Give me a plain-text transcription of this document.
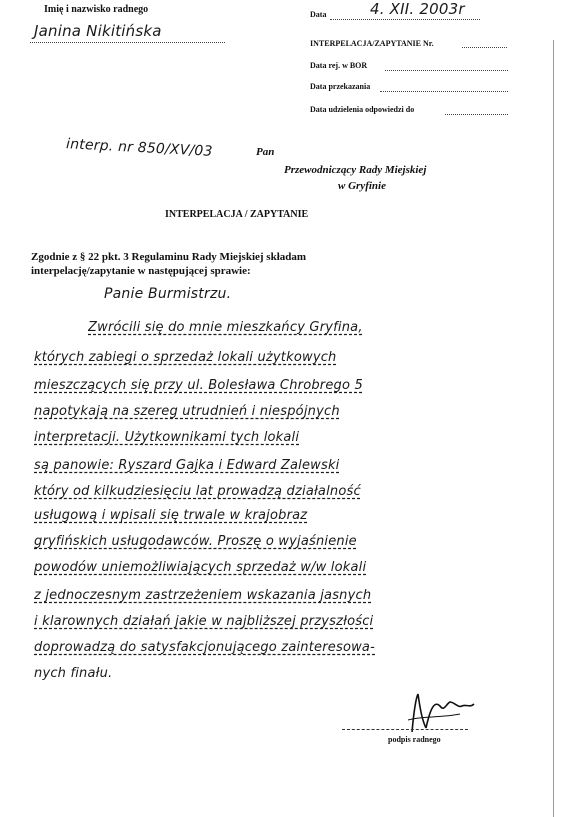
Imię i nazwisko radnego
Janina Nikitińska
Data	4. XII. 2003r
INTERPELACJA/ZAPYTANIE Nr.
Data rej. w BOR
Data przekazania
Data udzielenia odpowiedzi do
interp. nr 850/XV/03	Pan
Przewodniczący Rady Miejskiej
w Gryfinie
INTERPELACJA / ZAPYTANIE
Zgodnie z § 22 pkt. 3 Regulaminu Rady Miejskiej składam
interpelację/zapytanie w następującej sprawie:
Panie Burmistrzu.
Zwrócili się do mnie mieszkańcy Gryfina,
których zabiegi o sprzedaż lokali użytkowych
mieszczących się przy ul. Bolesława Chrobrego 5
napotykają na szereg utrudnień i niespójnych
interpretacji. Użytkownikami tych lokali
są panowie: Ryszard Gajka i Edward Zalewski
który od kilkudziesięciu lat prowadzą działalność
usługową i wpisali się trwale w krajobraz
gryfińskich usługodawców. Proszę o wyjaśnienie
powodów uniemożliwiających sprzedaż w/w lokali
z jednoczesnym zastrzeżeniem wskazania jasnych
i klarownych działań jakie w najbliższej przyszłości
doprowadzą do satysfakcjonującego zainteresowa-
nych finału.
podpis radnego
